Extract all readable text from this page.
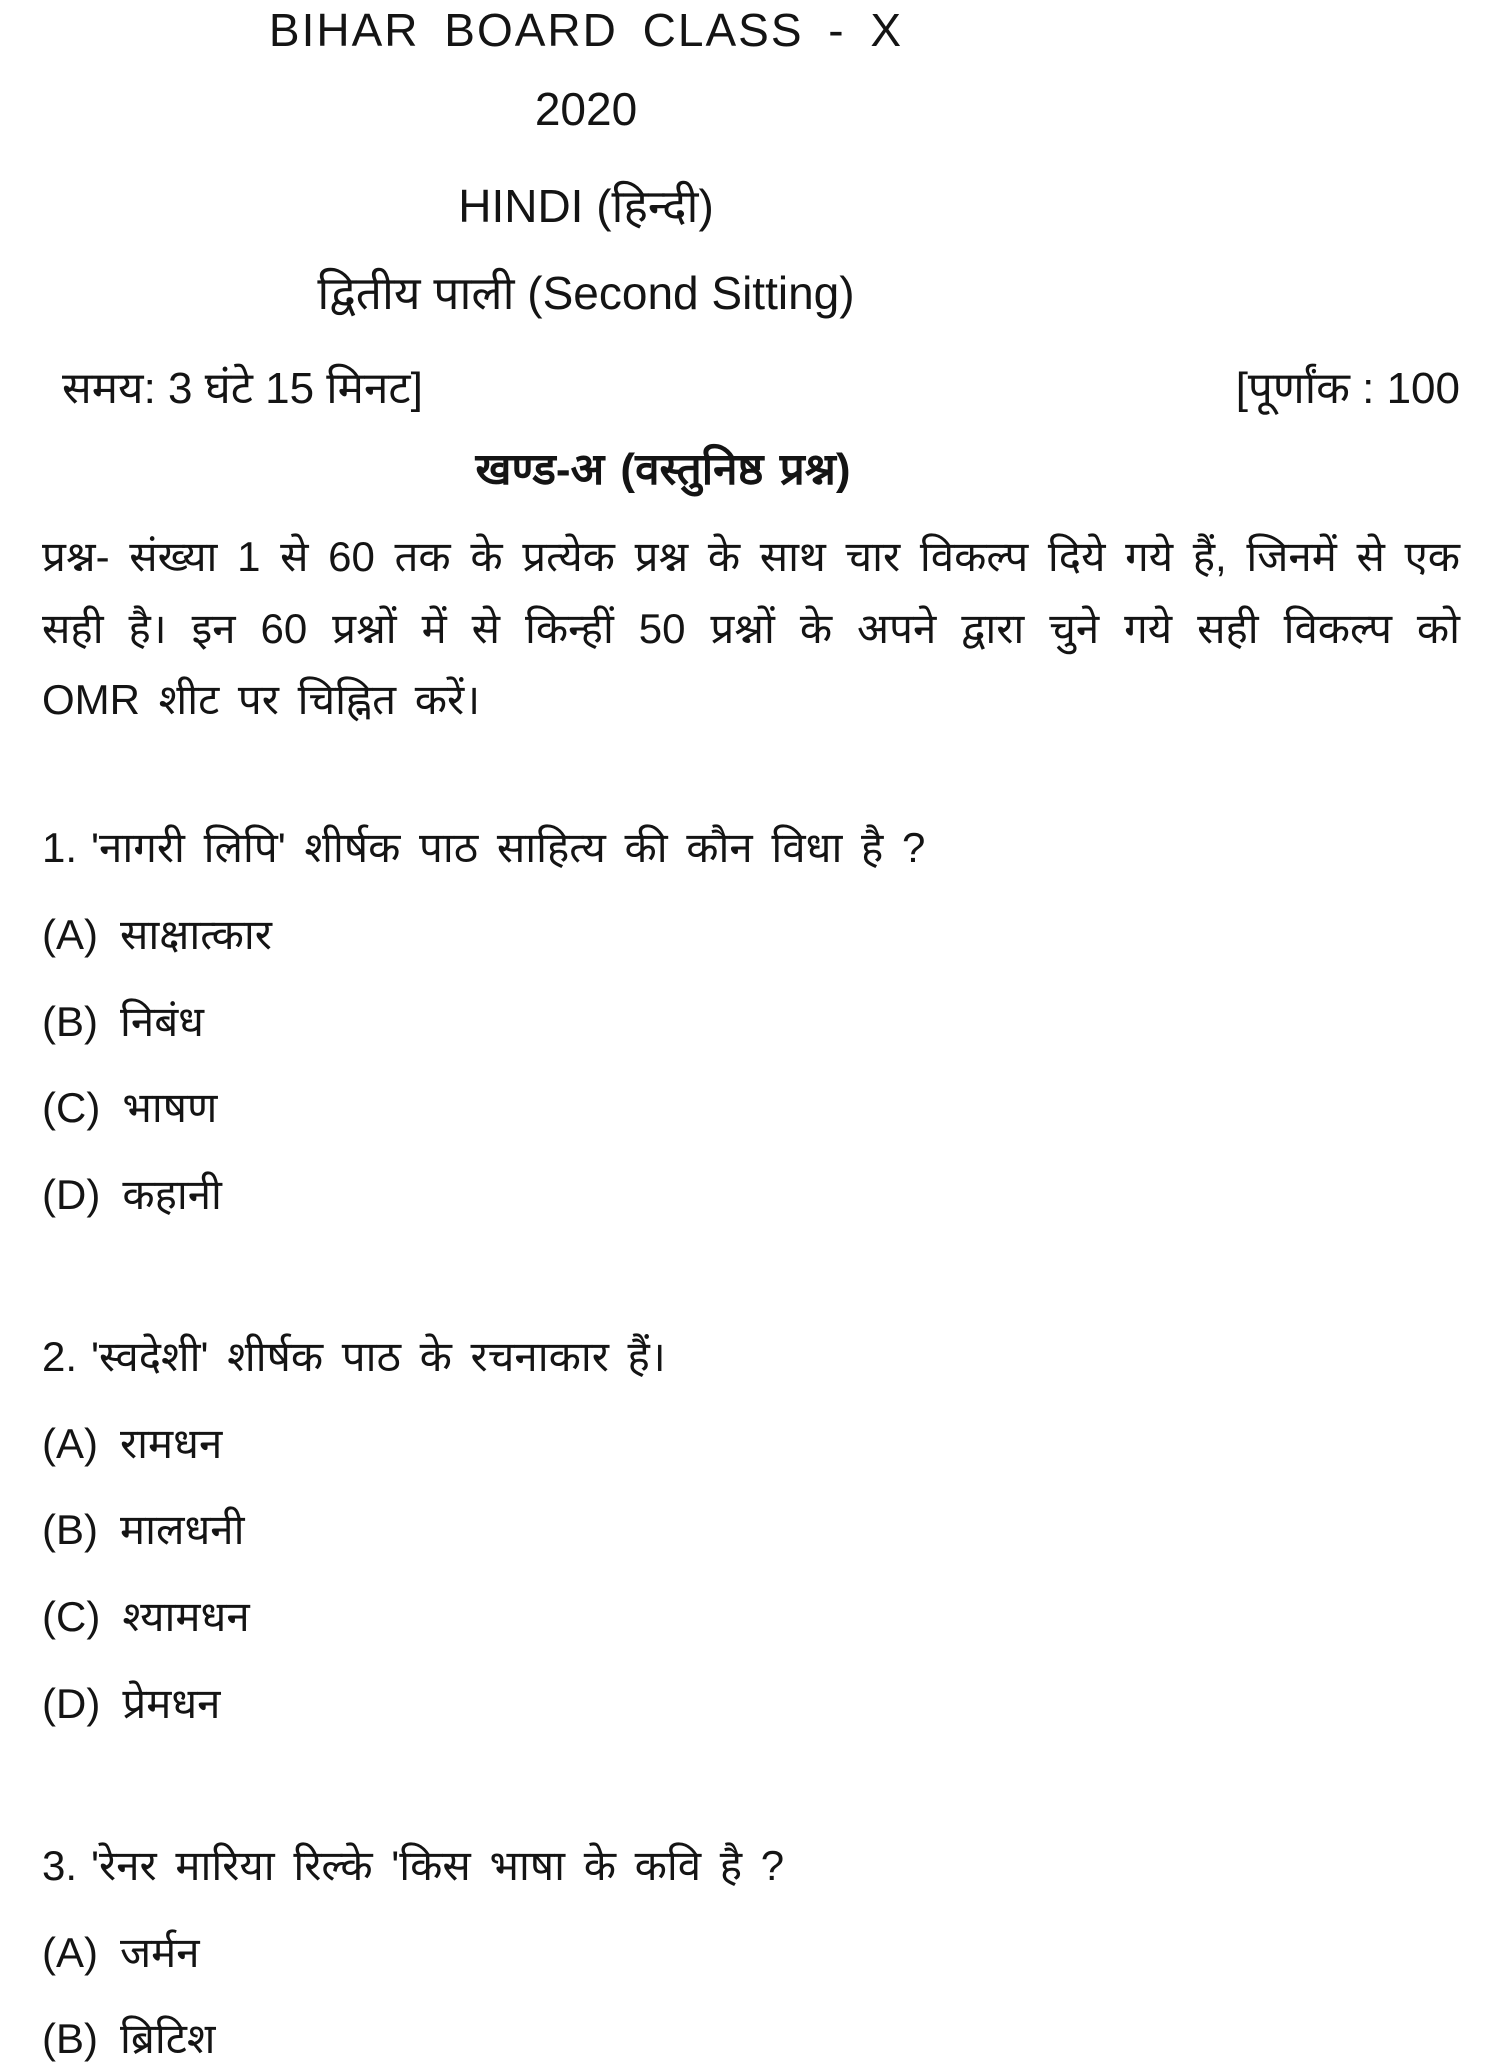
BIHAR BOARD CLASS - X
2020
HINDI (हिन्दी)
द्वितीय पाली (Second Sitting)
समय: 3 घंटे 15 मिनट]	[पूर्णांक : 100
खण्ड-अ (वस्तुनिष्ठ प्रश्न)

प्रश्न- संख्या 1 से 60 तक के प्रत्येक प्रश्न के साथ चार विकल्प दिये गये हैं, जिनमें से एक सही है। इन 60 प्रश्नों में से किन्हीं 50 प्रश्नों के अपने द्वारा चुने गये सही विकल्प को OMR शीट पर चिह्नित करें।

1. 'नागरी लिपि' शीर्षक पाठ साहित्य की कौन विधा है ?
(A) साक्षात्कार
(B) निबंध
(C) भाषण
(D) कहानी
2. 'स्वदेशी' शीर्षक पाठ के रचनाकार हैं।
(A) रामधन
(B) मालधनी
(C) श्यामधन
(D) प्रेमधन
3. 'रेनर मारिया रिल्के 'किस भाषा के कवि है ?
(A) जर्मन
(B) ब्रिटिश
